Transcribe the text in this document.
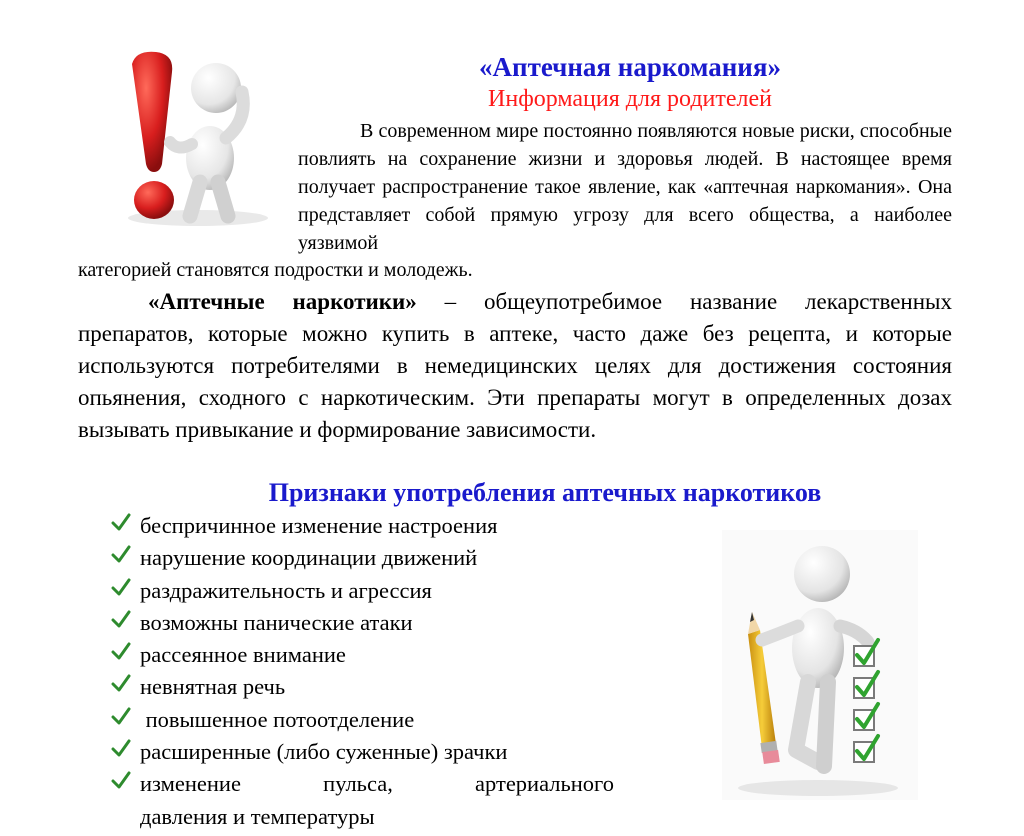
«Аптечная наркомания»
Информация для родителей

В современном мире постоянно появляются новые риски, способные повлиять на сохранение жизни и здоровья людей. В настоящее время получает распространение такое явление, как «аптечная наркомания». Она представляет собой прямую угрозу для всего общества, а наиболее уязвимой

категорией становятся подростки и молодежь.

«Аптечные наркотики» – общеупотребимое название лекарственных препаратов, которые можно купить в аптеке, часто даже без рецепта, и которые используются потребителями в немедицинских целях для достижения состояния опьянения, сходного с наркотическим. Эти препараты могут в определенных дозах вызывать привыкание и формирование зависимости.

Признаки употребления аптечных наркотиков
беспричинное изменение настроения
нарушение координации движений
раздражительность и агрессия
возможны панические атаки
рассеянное внимание
невнятная речь
повышенное потоотделение
расширенные (либо суженные) зрачки
изменение	пульса,	артериального
давления и температуры
